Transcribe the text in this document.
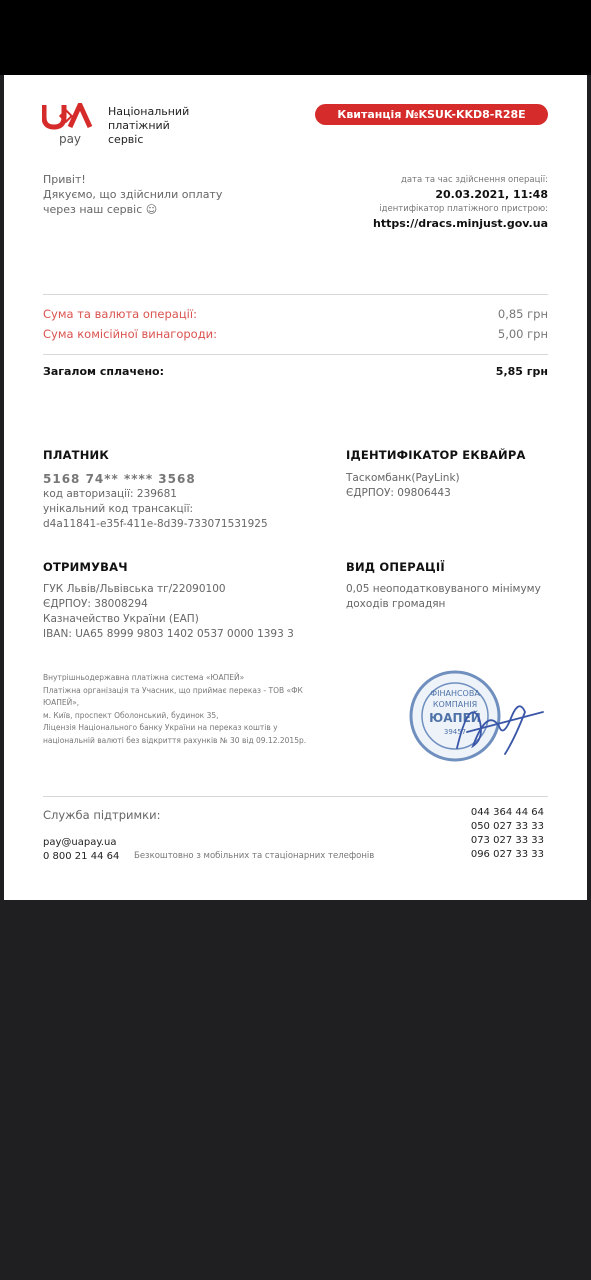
pay
Національний
платіжний
сервіс
Квитанція №KSUK-KKD8-R28E
Привіт!
Дякуємо, що здійснили оплату
через наш сервіс ☺
дата та час здійснення операції:
20.03.2021, 11:48
ідентифікатор платіжного пристрою:
https://dracs.minjust.gov.ua
Сума та валюта операції:	0,85 грн
Сума комісійної винагороди:	5,00 грн
Загалом сплачено:	5,85 грн
ПЛАТНИК
5168 74** **** 3568
код авторизації: 239681
унікальний код трансакції:
d4a11841-e35f-411e-8d39-733071531925
ІДЕНТИФІКАТОР ЕКВАЙРА
Таскомбанк(PayLink)
ЄДРПОУ: 09806443
ОТРИМУВАЧ
ГУК Львів/Львівська тг/22090100
ЄДРПОУ: 38008294
Казначейство України (ЕАП)
IBAN: UA65 8999 9803 1402 0537 0000 1393 3
ВИД ОПЕРАЦІЇ
0,05 неоподатковуваного мінімуму
доходів громадян
Внутрішньодержавна платіжна система «ЮАПЕЙ»
Платіжна організація та Учасник, що приймає переказ - ТОВ «ФК
ЮАПЕЙ»,
м. Київ, проспект Оболонський, будинок 35,
Ліцензія Національного банку України на переказ коштів у
національній валюті без відкриття рахунків № 30 від 09.12.2015р.
ФІНАНСОВА
КОМПАНІЯ
ЮАПЕЙ
39457
Служба підтримки:
pay@uapay.ua
0 800 21 44 64 Безкоштовно з мобільних та стаціонарних телефонів
044 364 44 64
050 027 33 33
073 027 33 33
096 027 33 33
